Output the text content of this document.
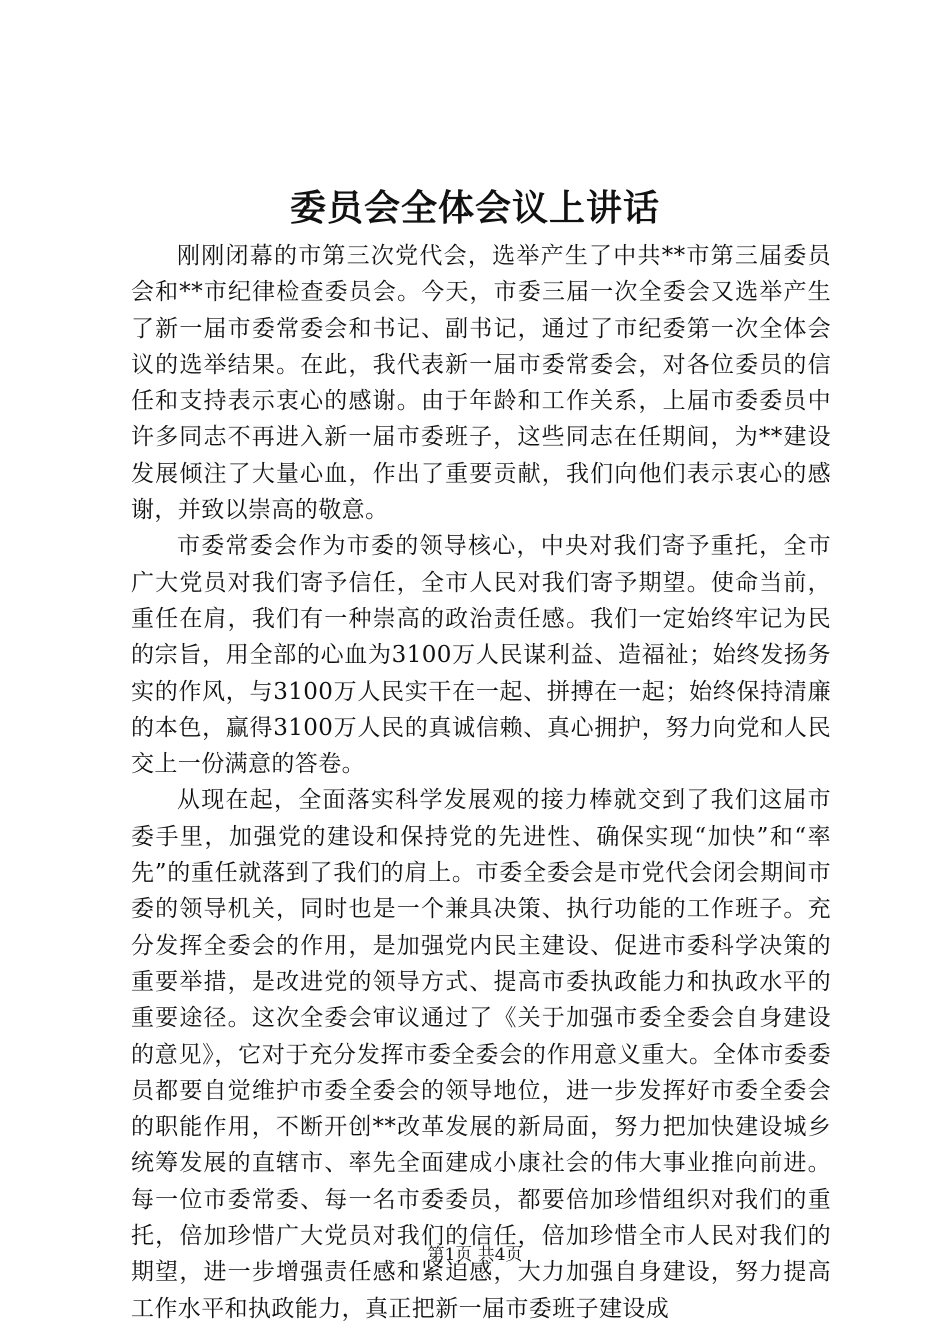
委员会全体会议上讲话

刚刚闭幕的市第三次党代会，选举产生了中共**市第三届委员会和**市纪律检查委员会。今天，市委三届一次全委会又选举产生了新一届市委常委会和书记、副书记，通过了市纪委第一次全体会议的选举结果。在此，我代表新一届市委常委会，对各位委员的信任和支持表示衷心的感谢。由于年龄和工作关系，上届市委委员中许多同志不再进入新一届市委班子，这些同志在任期间，为**建设发展倾注了大量心血，作出了重要贡献，我们向他们表示衷心的感谢，并致以崇高的敬意。

市委常委会作为市委的领导核心，中央对我们寄予重托，全市广大党员对我们寄予信任，全市人民对我们寄予期望。使命当前，重任在肩，我们有一种崇高的政治责任感。我们一定始终牢记为民的宗旨，用全部的心血为3100万人民谋利益、造福祉；始终发扬务实的作风，与3100万人民实干在一起、拼搏在一起；始终保持清廉的本色，赢得3100万人民的真诚信赖、真心拥护，努力向党和人民交上一份满意的答卷。

从现在起，全面落实科学发展观的接力棒就交到了我们这届市委手里，加强党的建设和保持党的先进性、确保实现“加快”和“率先”的重任就落到了我们的肩上。市委全委会是市党代会闭会期间市委的领导机关，同时也是一个兼具决策、执行功能的工作班子。充分发挥全委会的作用，是加强党内民主建设、促进市委科学决策的重要举措，是改进党的领导方式、提高市委执政能力和执政水平的重要途径。这次全委会审议通过了《关于加强市委全委会自身建设的意见》，它对于充分发挥市委全委会的作用意义重大。全体市委委员都要自觉维护市委全委会的领导地位，进一步发挥好市委全委会的职能作用，不断开创**改革发展的新局面，努力把加快建设城乡统筹发展的直辖市、率先全面建成小康社会的伟大事业推向前进。每一位市委常委、每一名市委委员，都要倍加珍惜组织对我们的重托，倍加珍惜广大党员对我们的信任，倍加珍惜全市人民对我们的期望，进一步增强责任感和紧迫感，大力加强自身建设，努力提高工作水平和执政能力，真正把新一届市委班子建设成

第1页 共4页
